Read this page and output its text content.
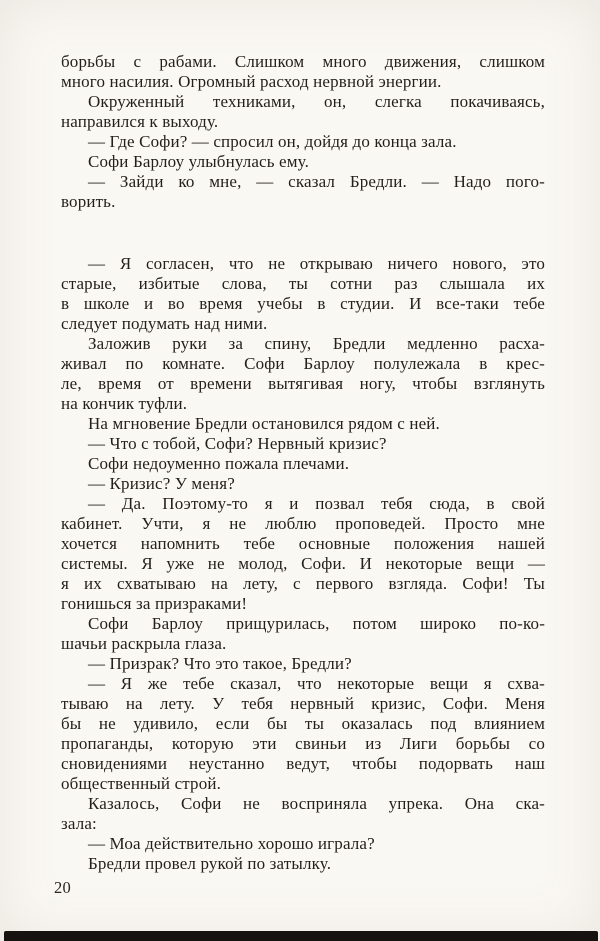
борьбы с рабами. Слишком много движения, слишком
много насилия. Огромный расход нервной энергии.
Окруженный техниками, он, слегка покачиваясь,
направился к выходу.
— Где Софи? — спросил он, дойдя до конца зала.
Софи Барлоу улыбнулась ему.
— Зайди ко мне, — сказал Бредли. — Надо пого-
ворить.
— Я согласен, что не открываю ничего нового, это
старые, избитые слова, ты сотни раз слышала их
в школе и во время учебы в студии. И все-таки тебе
следует подумать над ними.
Заложив руки за спину, Бредли медленно расха-
живал по комнате. Софи Барлоу полулежала в крес-
ле, время от времени вытягивая ногу, чтобы взглянуть
на кончик туфли.
На мгновение Бредли остановился рядом с ней.
— Что с тобой, Софи? Нервный кризис?
Софи недоуменно пожала плечами.
— Кризис? У меня?
— Да. Поэтому-то я и позвал тебя сюда, в свой
кабинет. Учти, я не люблю проповедей. Просто мне
хочется напомнить тебе основные положения нашей
системы. Я уже не молод, Софи. И некоторые вещи —
я их схватываю на лету, с первого взгляда. Софи! Ты
гонишься за призраками!
Софи Барлоу прищурилась, потом широко по-ко-
шачьи раскрыла глаза.
— Призрак? Что это такое, Бредли?
— Я же тебе сказал, что некоторые вещи я схва-
тываю на лету. У тебя нервный кризис, Софи. Меня
бы не удивило, если бы ты оказалась под влиянием
пропаганды, которую эти свиньи из Лиги борьбы со
сновидениями неустанно ведут, чтобы подорвать наш
общественный строй.
Казалось, Софи не восприняла упрека. Она ска-
зала:
— Моа действительно хорошо играла?
Бредли провел рукой по затылку.
20
